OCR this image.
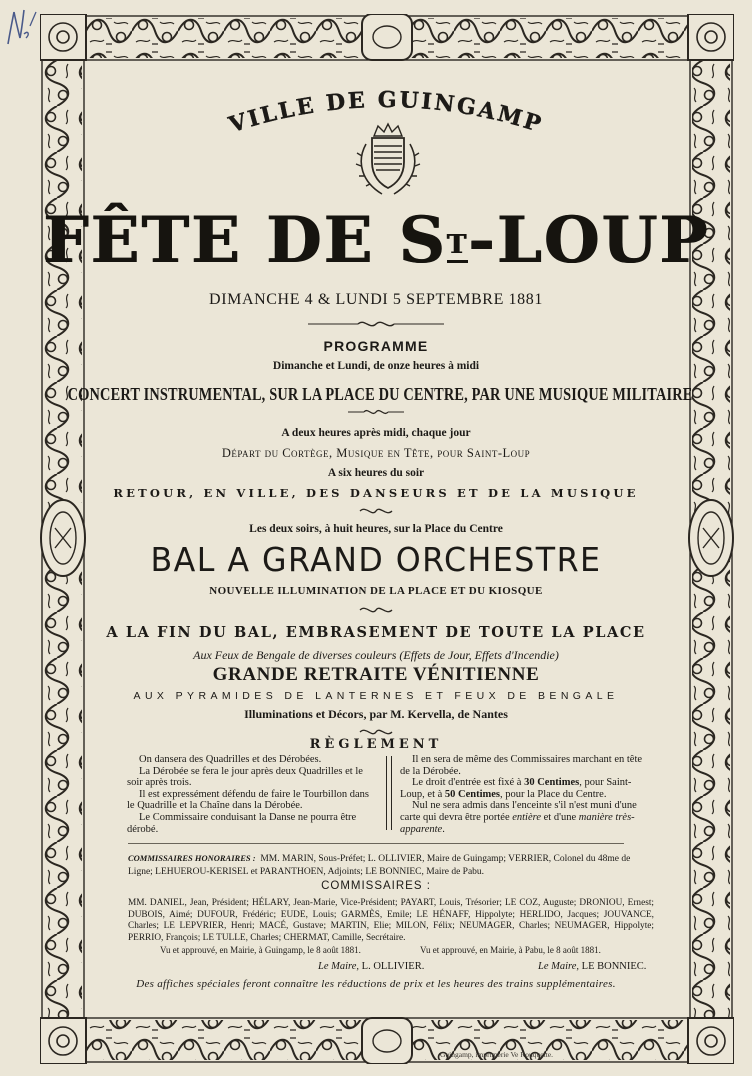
VILLE DE GUINGAMP
FÊTE DE $S^T$-LOUP
DIMANCHE 4 & LUNDI 5 SEPTEMBRE 1881
PROGRAMME
Dimanche et Lundi, de onze heures à midi
CONCERT INSTRUMENTAL, SUR LA PLACE DU CENTRE, PAR UNE MUSIQUE MILITAIRE
A deux heures après midi, chaque jour
Départ du Cortège, Musique en Tête, pour Saint-Loup
A six heures du soir
RETOUR, EN VILLE, DES DANSEURS ET DE LA MUSIQUE
Les deux soirs, à huit heures, sur la Place du Centre
BAL A GRAND ORCHESTRE
NOUVELLE ILLUMINATION DE LA PLACE ET DU KIOSQUE
A LA FIN DU BAL, EMBRASEMENT DE TOUTE LA PLACE
Aux Feux de Bengale de diverses couleurs (Effets de Jour, Effets d'Incendie)
GRANDE RETRAITE VÉNITIENNE
AUX PYRAMIDES DE LANTERNES ET FEUX DE BENGALE
Illuminations et Décors, par M. Kervella, de Nantes
RÈGLEMENT

On dansera des Quadrilles et des Dérobées.

La Dérobée se fera le jour après deux Quadrilles et le soir après trois.

Il est expressément défendu de faire le Tourbillon dans le Quadrille et la Chaîne dans la Dérobée.

Le Commissaire conduisant la Danse ne pourra être dérobé.

Il en sera de même des Commissaires marchant en tête de la Dérobée.

Le droit d'entrée est fixé à 30 Centimes, pour Saint-Loup, et à 50 Centimes, pour la Place du Centre.

Nul ne sera admis dans l'enceinte s'il n'est muni d'une carte qui devra être portée entière et d'une manière très-apparente.

COMMISSAIRES HONORAIRES : MM. MARIN, Sous-Préfet; L. OLLIVIER, Maire de Guingamp; VERRIER, Colonel du 48me de Ligne; LEHUEROU-KERISEL et PARANTHOEN, Adjoints; LE BONNIEC, Maire de Pabu.
COMMISSAIRES :
MM. DANIEL, Jean, Président; HÉLARY, Jean-Marie, Vice-Président; PAYART, Louis, Trésorier; LE COZ, Auguste; DRONIOU, Ernest; DUBOIS, Aimé; DUFOUR, Frédéric; EUDE, Louis; GARMÈS, Emile; LE HÉNAFF, Hippolyte; HERLIDO, Jacques; JOUVANCE, Charles; LE LEPVRIER, Henri; MACÉ, Gustave; MARTIN, Elie; MILON, Félix; NEUMAGER, Charles; NEUMAGER, Hippolyte; PERRIO, François; LE TULLE, Charles; CHERMAT, Camille, Secrétaire.
Vu et approuvé, en Mairie, à Guingamp, le 8 août 1881.	Vu et approuvé, en Mairie, à Pabu, le 8 août 1881.
Le Maire, L. OLLIVIER.	Le Maire, LE BONNIEC.
Des affiches spéciales feront connaître les réductions de prix et les heures des trains supplémentaires.
Guingamp, imprimerie Ve Rouquette.
